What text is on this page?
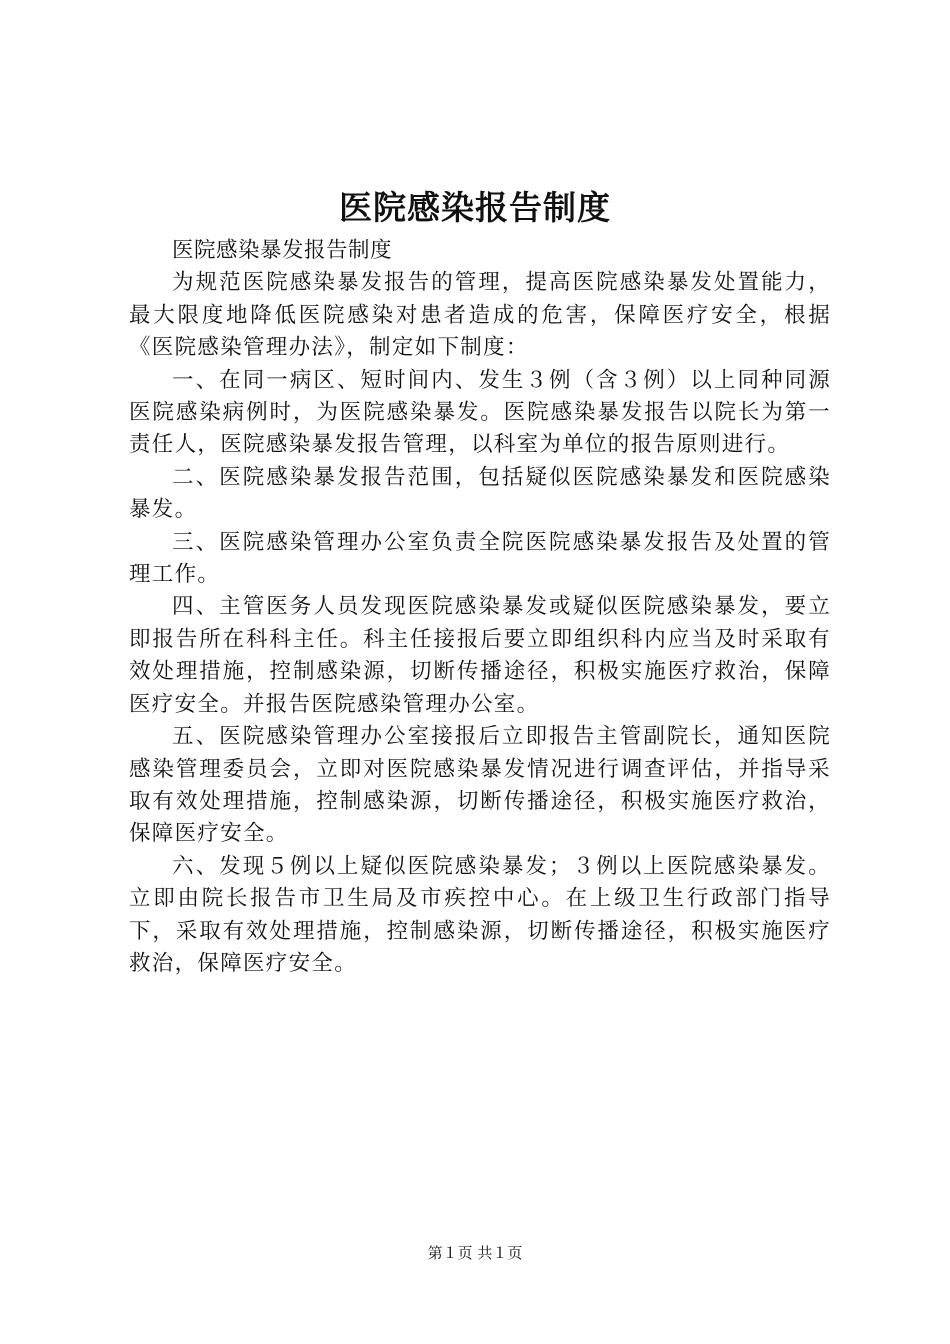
医院感染报告制度

医院感染暴发报告制度

为规范医院感染暴发报告的管理，提高医院感染暴发处置能力，最大限度地降低医院感染对患者造成的危害，保障医疗安全，根据《医院感染管理办法》，制定如下制度：

一、在同一病区、短时间内、发生３例（含３例）以上同种同源医院感染病例时，为医院感染暴发。医院感染暴发报告以院长为第一责任人，医院感染暴发报告管理，以科室为单位的报告原则进行。

二、医院感染暴发报告范围，包括疑似医院感染暴发和医院感染暴发。

三、医院感染管理办公室负责全院医院感染暴发报告及处置的管理工作。

四、主管医务人员发现医院感染暴发或疑似医院感染暴发，要立即报告所在科科主任。科主任接报后要立即组织科内应当及时采取有效处理措施，控制感染源，切断传播途径，积极实施医疗救治，保障医疗安全。并报告医院感染管理办公室。

五、医院感染管理办公室接报后立即报告主管副院长，通知医院感染管理委员会，立即对医院感染暴发情况进行调查评估，并指导采取有效处理措施，控制感染源，切断传播途径，积极实施医疗救治，保障医疗安全。

六、发现５例以上疑似医院感染暴发；３例以上医院感染暴发。立即由院长报告市卫生局及市疾控中心。在上级卫生行政部门指导下，采取有效处理措施，控制感染源，切断传播途径，积极实施医疗救治，保障医疗安全。

第１页 共１页
